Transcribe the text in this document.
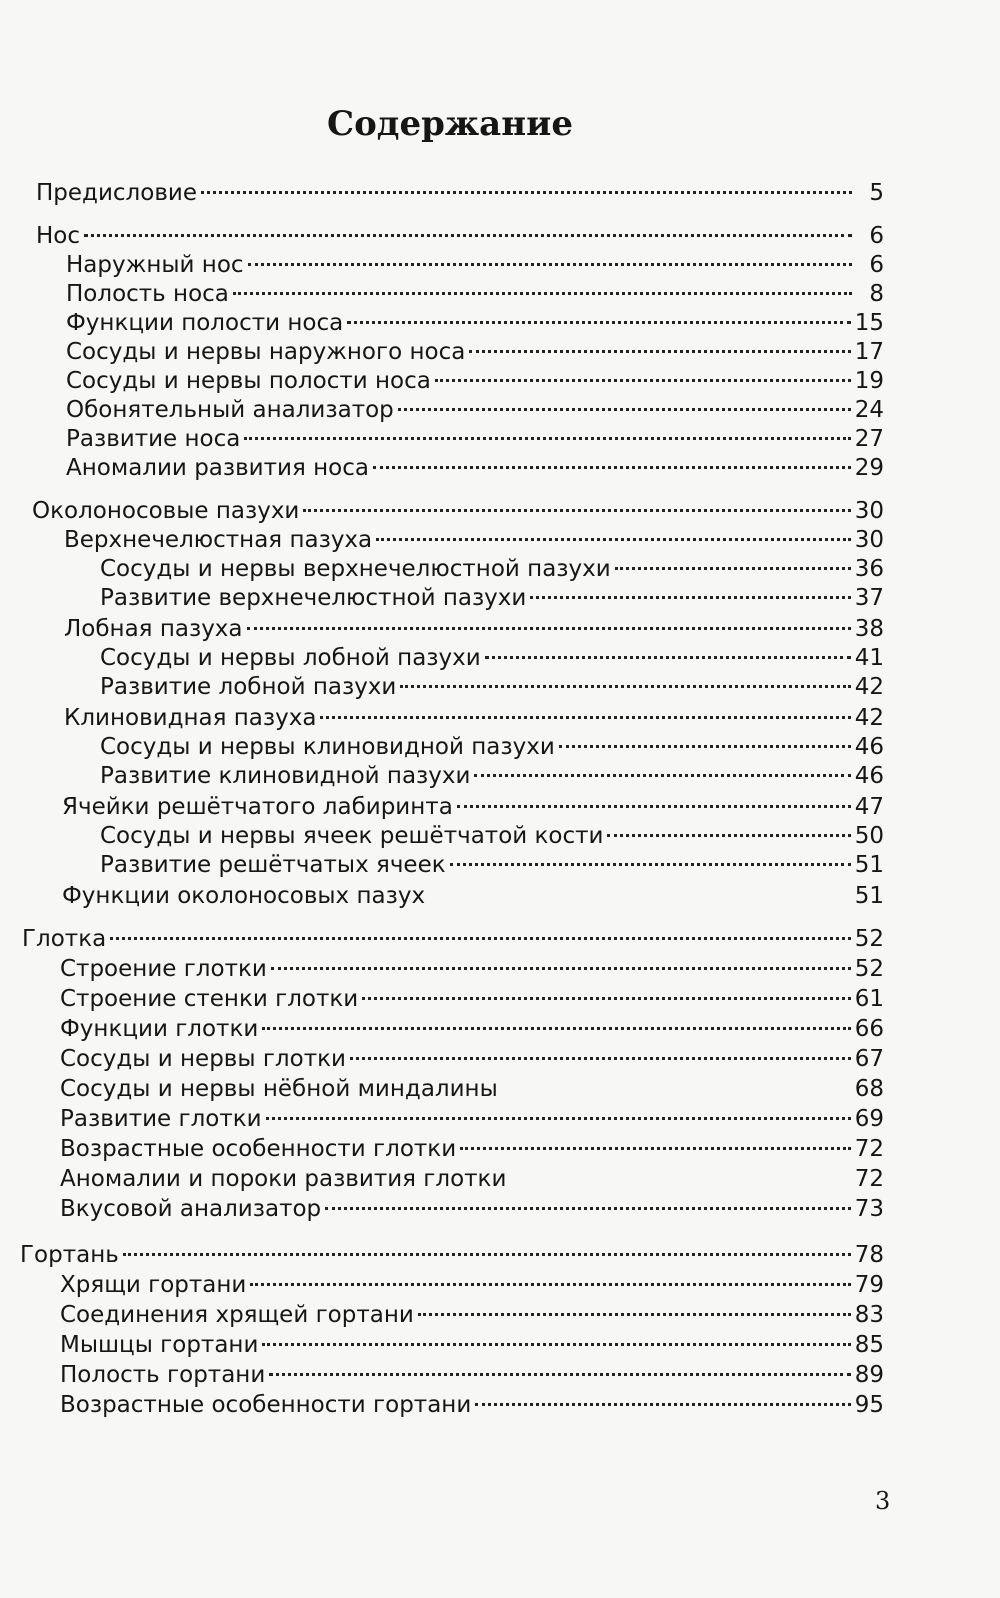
Содержание
Предисловие	5
Нос	6
Наружный нос	6
Полость носа	8
Функции полости носа	15
Сосуды и нервы наружного носа	17
Сосуды и нервы полости носа	19
Обонятельный анализатор	24
Развитие носа	27
Аномалии развития носа	29
Околоносовые пазухи	30
Верхнечелюстная пазуха	30
Сосуды и нервы верхнечелюстной пазухи	36
Развитие верхнечелюстной пазухи	37
Лобная пазуха	38
Сосуды и нервы лобной пазухи	41
Развитие лобной пазухи	42
Клиновидная пазуха	42
Сосуды и нервы клиновидной пазухи	46
Развитие клиновидной пазухи	46
Ячейки решётчатого лабиринта	47
Сосуды и нервы ячеек решётчатой кости	50
Развитие решётчатых ячеек	51
Функции околоносовых пазух	51
Глотка	52
Строение глотки	52
Строение стенки глотки	61
Функции глотки	66
Сосуды и нервы глотки	67
Сосуды и нервы нёбной миндалины	68
Развитие глотки	69
Возрастные особенности глотки	72
Аномалии и пороки развития глотки	72
Вкусовой анализатор	73
Гортань	78
Хрящи гортани	79
Соединения хрящей гортани	83
Мышцы гортани	85
Полость гортани	89
Возрастные особенности гортани	95
3
